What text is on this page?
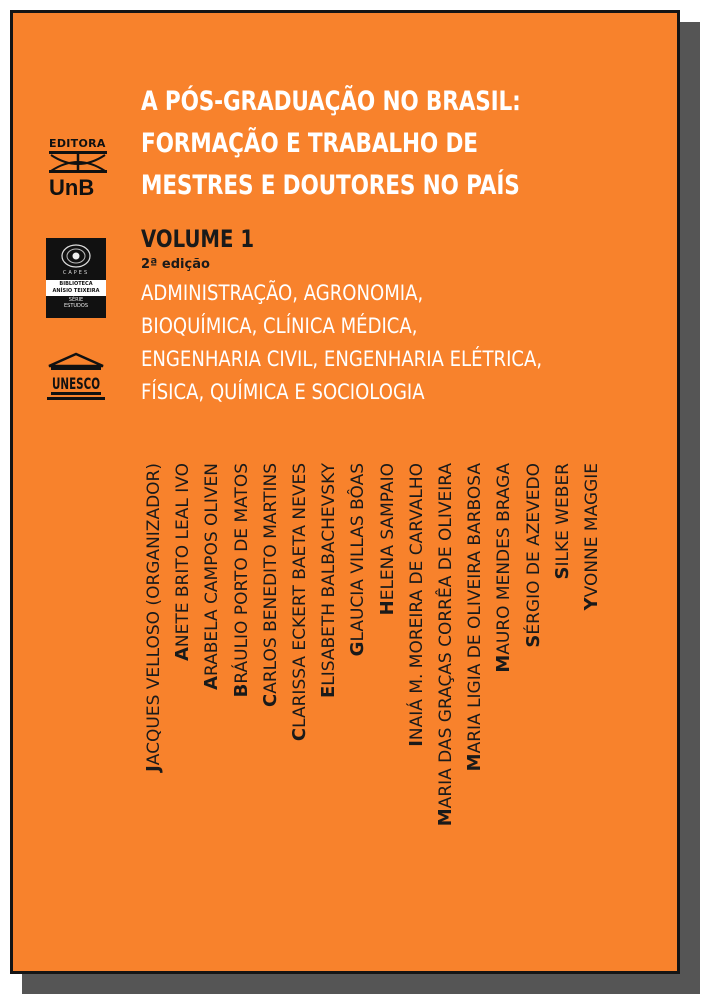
EDITORA
UnB
CAPES
BIBLIOTECA
ANÍSIO TEIXEIRA
SÉRIE
ESTUDOS
UNESCO
A PÓS-GRADUAÇÃO NO BRASIL:
FORMAÇÃO E TRABALHO DE
MESTRES E DOUTORES NO PAÍS
VOLUME 1
2ª edição
ADMINISTRAÇÃO, AGRONOMIA,
BIOQUÍMICA, CLÍNICA MÉDICA,
ENGENHARIA CIVIL, ENGENHARIA ELÉTRICA,
FÍSICA, QUÍMICA E SOCIOLOGIA
JACQUES VELLOSO (ORGANIZADOR) ANETE BRITO LEAL IVO
ARABELA CAMPOS OLIVEN
BRÁULIO PORTO DE MATOS
CARLOS BENEDITO MARTINS
CLARISSA ECKERT BAETA NEVES ELISABETH BALBACHEVSKY GLAUCIA VILLAS BÔAS HELENA SAMPAIO
INAIÁ M. MOREIRA DE CARVALHO
MARIA DAS GRAÇAS CORRÊA DE OLIVEIRA MARIA LIGIA DE OLIVEIRA BARBOSA MAURO MENDES BRAGA SÉRGIO DE AZEVEDO SILKE WEBER
YVONNE MAGGIE
